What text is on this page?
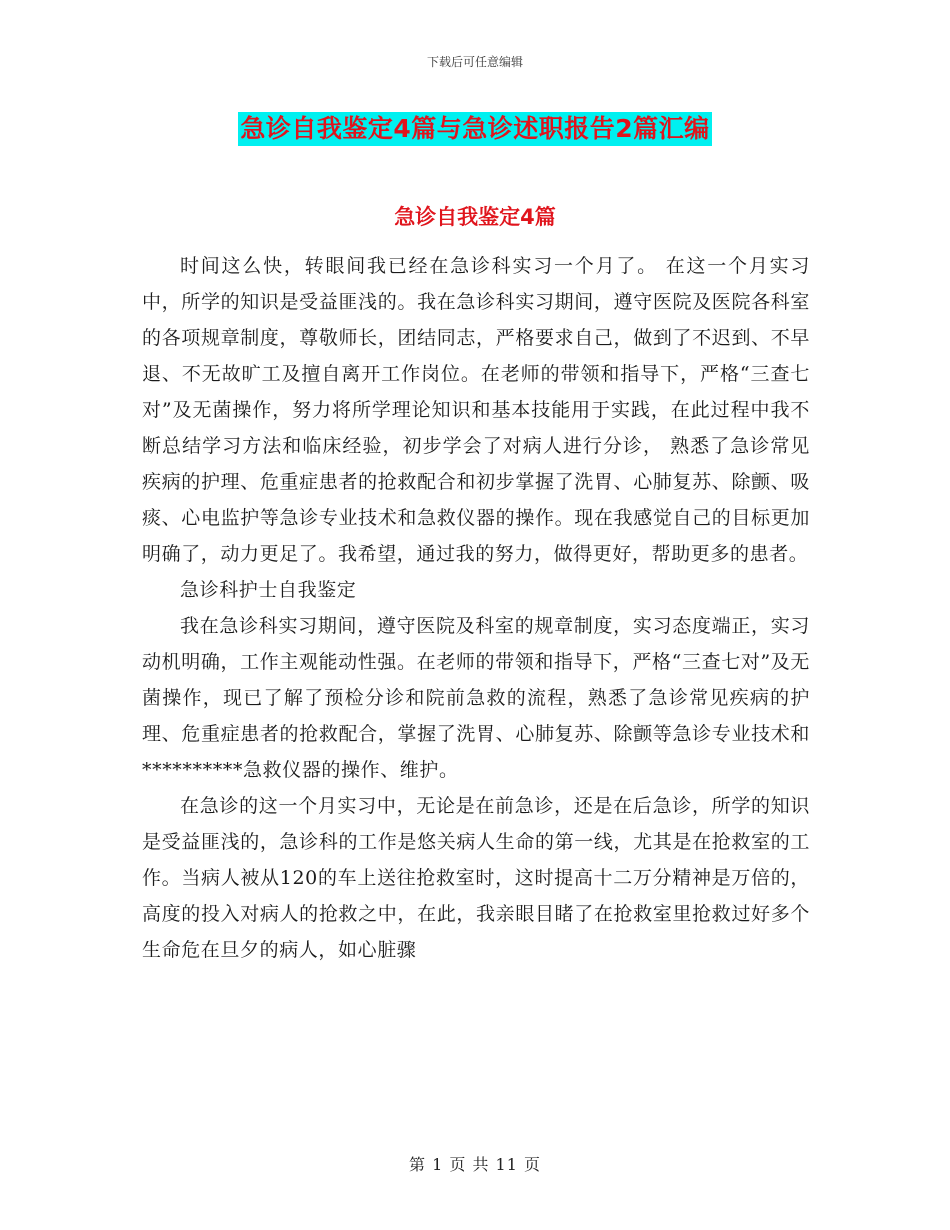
下载后可任意编辑
急诊自我鉴定4篇与急诊述职报告2篇汇编
急诊自我鉴定4篇

时间这么快，转眼间我已经在急诊科实习一个月了。 在这一个月实习中，所学的知识是受益匪浅的。我在急诊科实习期间，遵守医院及医院各科室的各项规章制度，尊敬师长，团结同志，严格要求自己，做到了不迟到、不早退、不无故旷工及擅自离开工作岗位。在老师的带领和指导下，严格“三查七对”及无菌操作，努力将所学理论知识和基本技能用于实践，在此过程中我不断总结学习方法和临床经验，初步学会了对病人进行分诊， 熟悉了急诊常见疾病的护理、危重症患者的抢救配合和初步掌握了洗胃、心肺复苏、除颤、吸痰、心电监护等急诊专业技术和急救仪器的操作。现在我感觉自己的目标更加明确了，动力更足了。我希望，通过我的努力，做得更好，帮助更多的患者。

急诊科护士自我鉴定

我在急诊科实习期间，遵守医院及科室的规章制度，实习态度端正，实习动机明确，工作主观能动性强。在老师的带领和指导下，严格“三查七对”及无菌操作，现已了解了预检分诊和院前急救的流程，熟悉了急诊常见疾病的护理、危重症患者的抢救配合，掌握了洗胃、心肺复苏、除颤等急诊专业技术和**********急救仪器的操作、维护。

在急诊的这一个月实习中，无论是在前急诊，还是在后急诊，所学的知识是受益匪浅的，急诊科的工作是悠关病人生命的第一线，尤其是在抢救室的工作。当病人被从120的车上送往抢救室时，这时提高十二万分精神是万倍的，高度的投入对病人的抢救之中，在此，我亲眼目睹了在抢救室里抢救过好多个生命危在旦夕的病人，如心脏骤

第 1 页 共 11 页
